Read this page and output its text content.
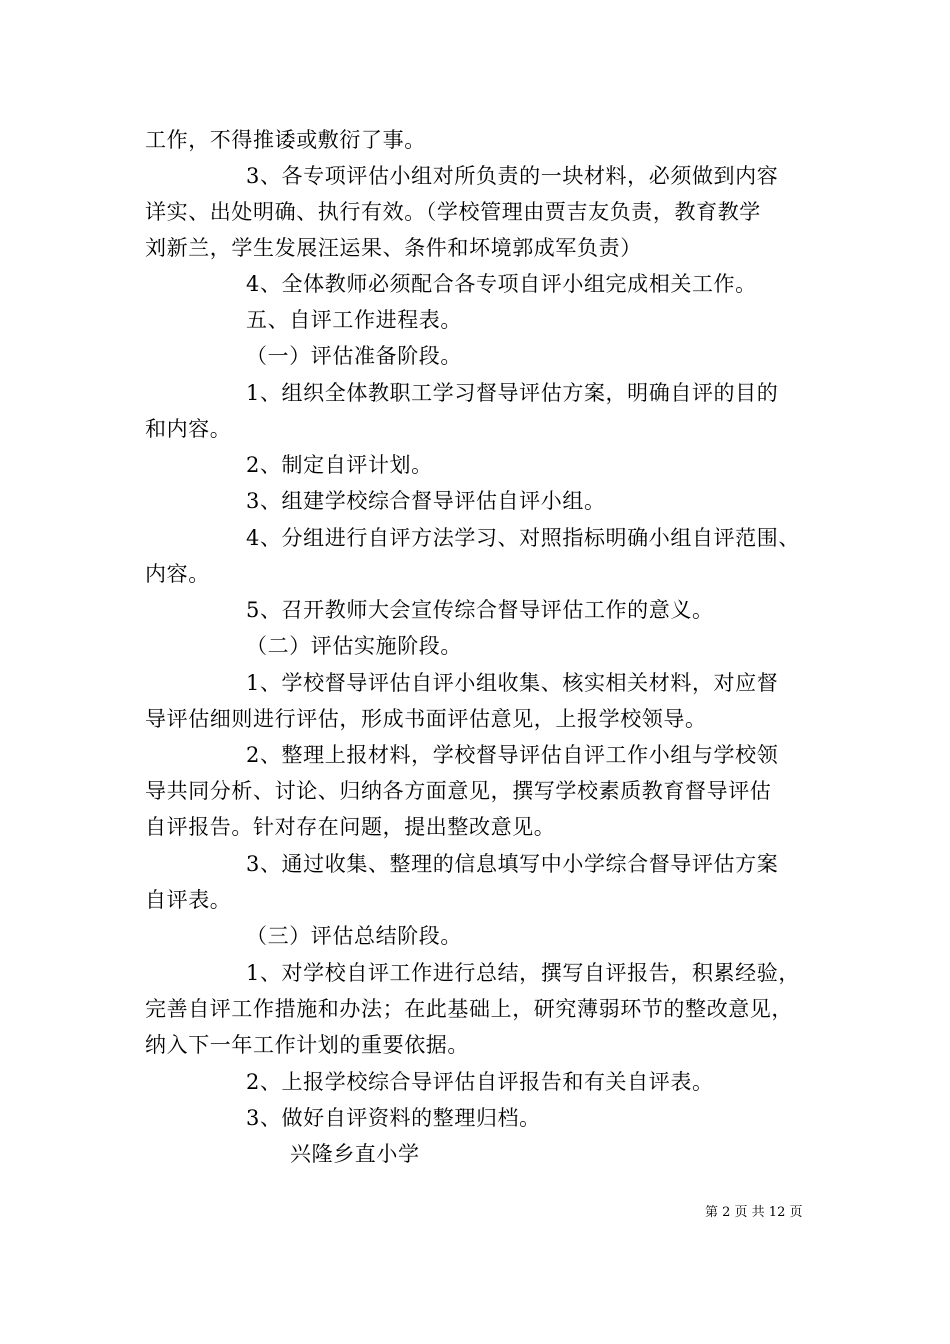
工作，不得推诿或敷衍了事。
3、各专项评估小组对所负责的一块材料，必须做到内容
详实、出处明确、执行有效。（学校管理由贾吉友负责，教育教学
刘新兰，学生发展汪运果、条件和坏境郭成军负责）
4、全体教师必须配合各专项自评小组完成相关工作。
五、自评工作进程表。
（一）评估准备阶段。
1、组织全体教职工学习督导评估方案，明确自评的目的
和内容。
2、制定自评计划。
3、组建学校综合督导评估自评小组。
4、分组进行自评方法学习、对照指标明确小组自评范围、
内容。
5、召开教师大会宣传综合督导评估工作的意义。
（二）评估实施阶段。
1、学校督导评估自评小组收集、核实相关材料，对应督
导评估细则进行评估，形成书面评估意见，上报学校领导。
2、整理上报材料，学校督导评估自评工作小组与学校领
导共同分析、讨论、归纳各方面意见，撰写学校素质教育督导评估
自评报告。针对存在问题，提出整改意见。
3、通过收集、整理的信息填写中小学综合督导评估方案
自评表。
（三）评估总结阶段。
1、对学校自评工作进行总结，撰写自评报告，积累经验，
完善自评工作措施和办法；在此基础上，研究薄弱环节的整改意见，
纳入下一年工作计划的重要依据。
2、上报学校综合导评估自评报告和有关自评表。
3、做好自评资料的整理归档。
兴隆乡直小学
第 2 页 共 12 页
